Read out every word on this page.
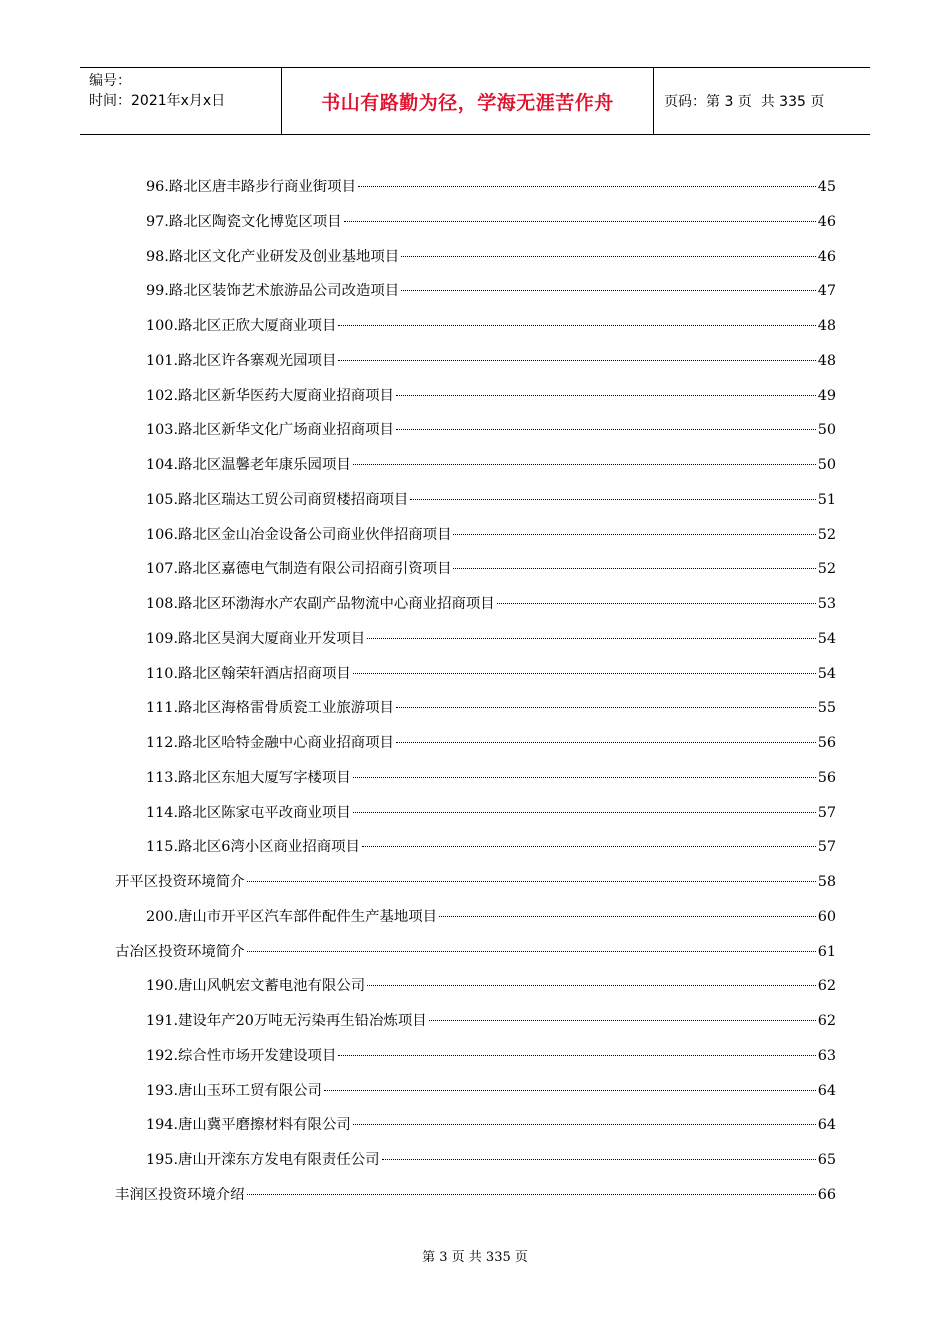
编号：
时间：2021年x月x日	书山有路勤为径，学海无涯苦作舟	页码：第 3 页  共 335 页
96.路北区唐丰路步行商业街项目	45
97.路北区陶瓷文化博览区项目	46
98.路北区文化产业研发及创业基地项目	46
99.路北区装饰艺术旅游品公司改造项目	47
100.路北区正欣大厦商业项目	48
101.路北区许各寨观光园项目	48
102.路北区新华医药大厦商业招商项目	49
103.路北区新华文化广场商业招商项目	50
104.路北区温馨老年康乐园项目	50
105.路北区瑞达工贸公司商贸楼招商项目	51
106.路北区金山冶金设备公司商业伙伴招商项目	52
107.路北区嘉德电气制造有限公司招商引资项目	52
108.路北区环渤海水产农副产品物流中心商业招商项目	53
109.路北区昊润大厦商业开发项目	54
110.路北区翰荣轩酒店招商项目	54
111.路北区海格雷骨质瓷工业旅游项目	55
112.路北区哈特金融中心商业招商项目	56
113.路北区东旭大厦写字楼项目	56
114.路北区陈家屯平改商业项目	57
115.路北区6湾小区商业招商项目	57
开平区投资环境简介	58
200.唐山市开平区汽车部件配件生产基地项目	60
古冶区投资环境简介	61
190.唐山风帆宏文蓄电池有限公司	62
191.建设年产20万吨无污染再生铅冶炼项目	62
192.综合性市场开发建设项目	63
193.唐山玉环工贸有限公司	64
194.唐山冀平磨擦材料有限公司	64
195.唐山开滦东方发电有限责任公司	65
丰润区投资环境介绍	66
第 3 页 共 335 页
